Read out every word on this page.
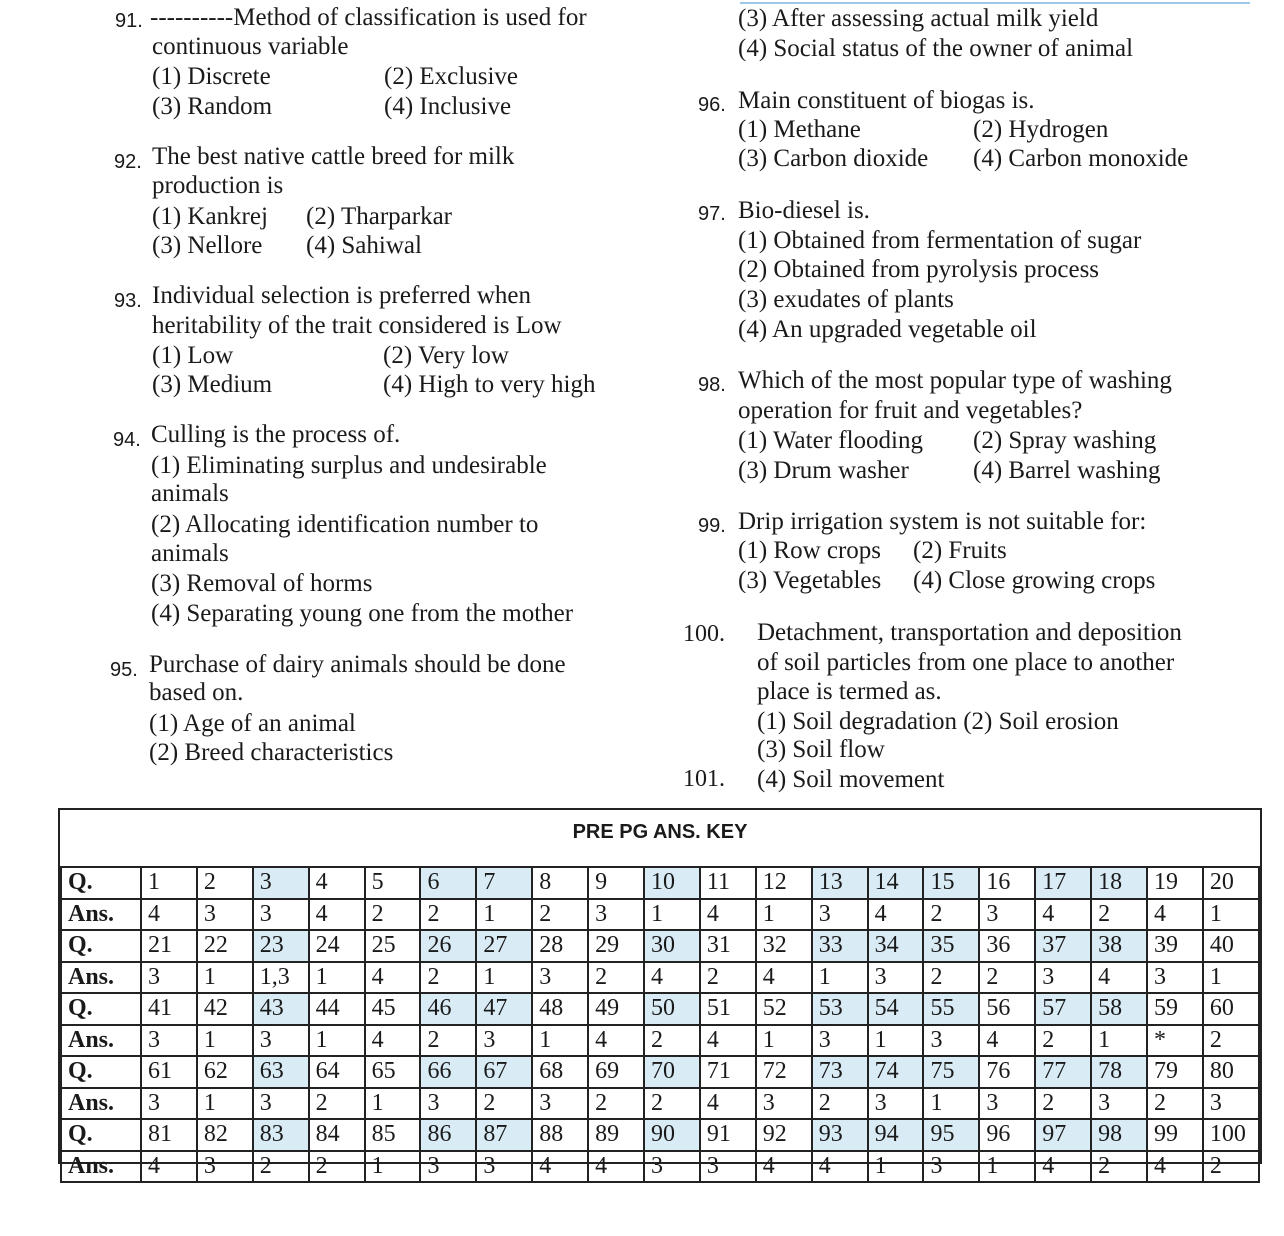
91. ----------Method of classification is used for
continuous variable
(1) Discrete	(2) Exclusive
(3) Random	(4) Inclusive
92. The best native cattle breed for milk
production is
(1) Kankrej (2) Tharparkar
(3) Nellore (4) Sahiwal
93. Individual selection is preferred when
heritability of the trait considered is Low
(1) Low	(2) Very low
(3) Medium	(4) High to very high
94. Culling is the process of.
(1) Eliminating surplus and undesirable
animals
(2) Allocating identification number to
animals
(3) Removal of horms
(4) Separating young one from the mother
95. Purchase of dairy animals should be done
based on.
(1) Age of an animal
(2) Breed characteristics
(3) After assessing actual milk yield
(4) Social status of the owner of animal
96. Main constituent of biogas is.
(1) Methane	(2) Hydrogen
(3) Carbon dioxide (4) Carbon monoxide
97. Bio-diesel is.
(1) Obtained from fermentation of sugar
(2) Obtained from pyrolysis process
(3) exudates of plants
(4) An upgraded vegetable oil
98. Which of the most popular type of washing
operation for fruit and vegetables?
(1) Water flooding (2) Spray washing
(3) Drum washer	(4) Barrel washing
99. Drip irrigation system is not suitable for:
(1) Row crops (2) Fruits
(3) Vegetables (4) Close growing crops
100. Detachment, transportation and deposition
of soil particles from one place to another
place is termed as.
(1) Soil degradation (2) Soil erosion
(3) Soil flow
(4) Soil movement
101.
PRE PG ANS. KEY
Q.	1	2	3	4	5	6	7	8	9	10	11	12	13	14	15	16	17	18	19	20
Ans.	4	3	3	4	2	2	1	2	3	1	4	1	3	4	2	3	4	2	4	1
Q.	21	22	23	24	25	26	27	28	29	30	31	32	33	34	35	36	37	38	39	40
Ans.	3	1	1,3	1	4	2	1	3	2	4	2	4	1	3	2	2	3	4	3	1
Q.	41	42	43	44	45	46	47	48	49	50	51	52	53	54	55	56	57	58	59	60
Ans.	3	1	3	1	4	2	3	1	4	2	4	1	3	1	3	4	2	1	*	2
Q.	61	62	63	64	65	66	67	68	69	70	71	72	73	74	75	76	77	78	79	80
Ans.	3	1	3	2	1	3	2	3	2	2	4	3	2	3	1	3	2	3	2	3
Q.	81	82	83	84	85	86	87	88	89	90	91	92	93	94	95	96	97	98	99	100
Ans.	4	3	2	2	1	3	3	4	4	3	3	4	4	1	3	1	4	2	4	2
